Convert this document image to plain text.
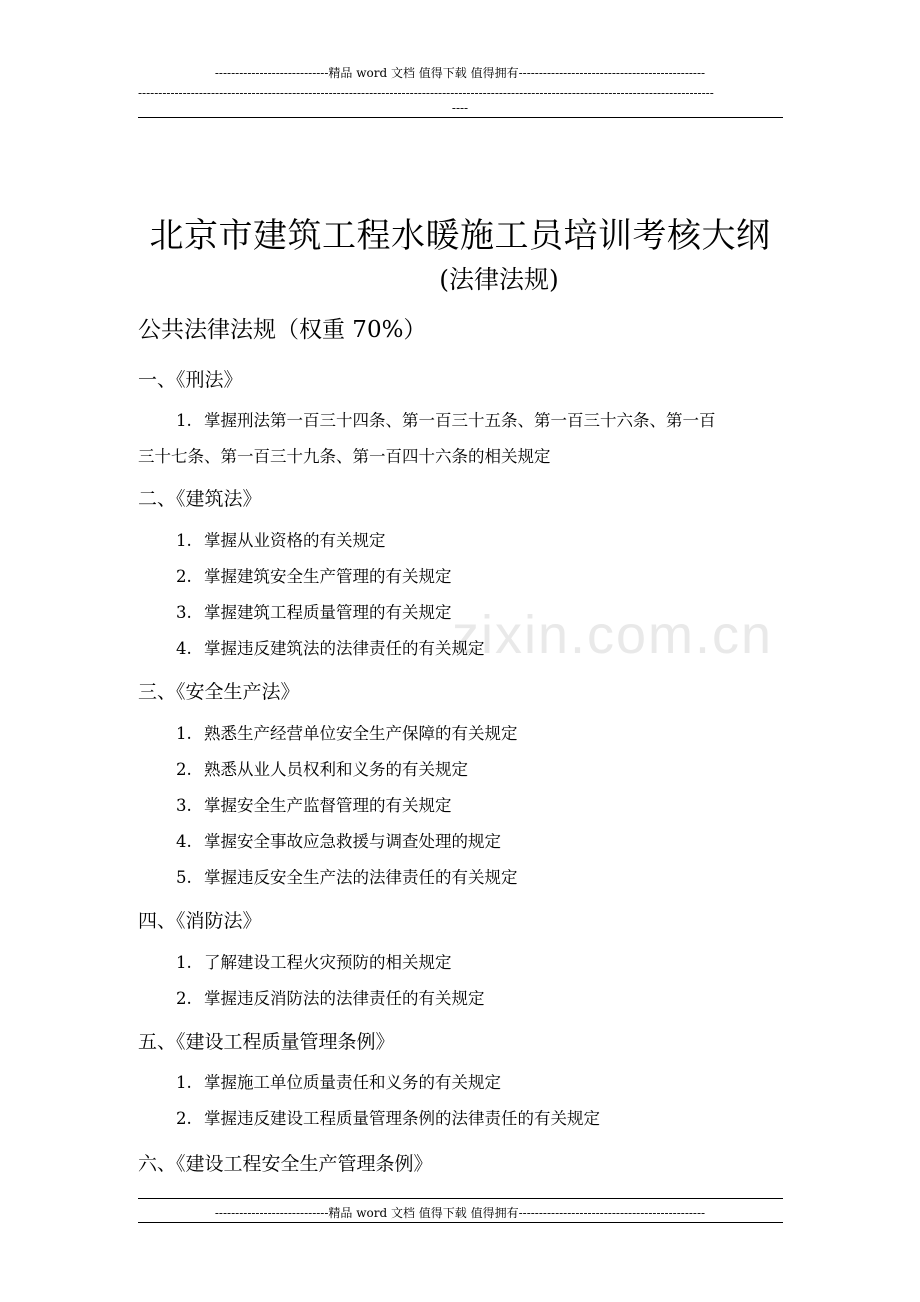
----------------------------精品 word 文档 值得下载 值得拥有----------------------------------------------
----------------------------------------------------------------------------------------------------------------------------------------------
----
zixin.com.cn
北京市建筑工程水暖施工员培训考核大纲
(法律法规)
公共法律法规（权重 70%）
一、《刑法》
1. 掌握刑法第一百三十四条、第一百三十五条、第一百三十六条、第一百
三十七条、第一百三十九条、第一百四十六条的相关规定
二、《建筑法》
1. 掌握从业资格的有关规定
2. 掌握建筑安全生产管理的有关规定
3. 掌握建筑工程质量管理的有关规定
4. 掌握违反建筑法的法律责任的有关规定
三、《安全生产法》
1. 熟悉生产经营单位安全生产保障的有关规定
2. 熟悉从业人员权利和义务的有关规定
3. 掌握安全生产监督管理的有关规定
4. 掌握安全事故应急救援与调查处理的规定
5. 掌握违反安全生产法的法律责任的有关规定
四、《消防法》
1. 了解建设工程火灾预防的相关规定
2. 掌握违反消防法的法律责任的有关规定
五、《建设工程质量管理条例》
1. 掌握施工单位质量责任和义务的有关规定
2. 掌握违反建设工程质量管理条例的法律责任的有关规定
六、《建设工程安全生产管理条例》
----------------------------精品 word 文档 值得下载 值得拥有----------------------------------------------
